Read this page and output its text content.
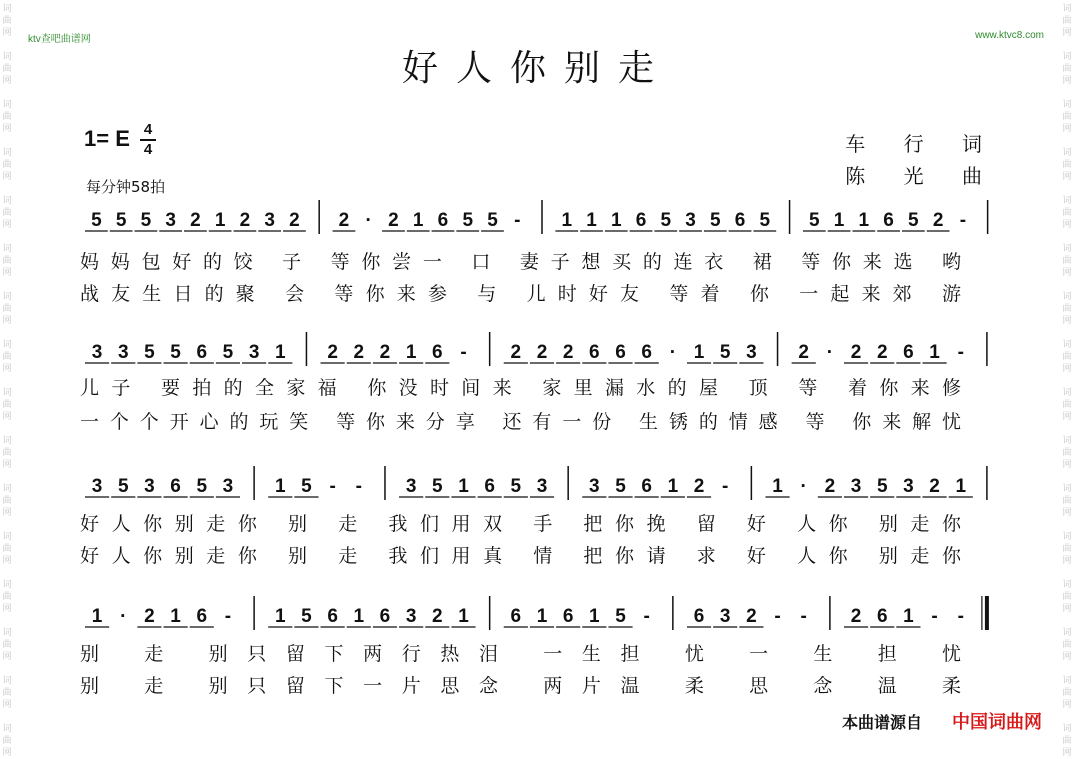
词
曲
网
词
曲
网
词
曲
网
词
曲
网
词
曲
网
词
曲
网
词
曲
网
词
曲
网
词
曲
网
词
曲
网
词
曲
网
词
曲
网
词
曲
网
词
曲
网
词
曲
网
词
曲
网
词
曲
网
词
曲
网
词
曲
网
词
曲
网
词
曲
网
词
曲
网
词
曲
网
词
曲
网
词
曲
网
词
曲
网
词
曲
网
词
曲
网
词
曲
网
词
曲
网
词
曲
网
词
曲
网
ktv查吧曲谱网	www.ktvc8.com
好人你别走
1= E 4
4
每分钟58拍
车 行 词
陈 光 曲
5 5 5 3 2 1 2 3 2 2 · 2 1 6 5 5 - 1 1 1 6 5 3 5 6 5 5 1 1 6 5 2 -
妈妈包好的饺 子 等你尝一 口 妻子想买的连衣 裙 等你来选 哟
战友生日的聚 会 等你来参 与 儿时好友 等着 你 一起来郊 游
3 3 5 5 6 5 3 1 2 2 2 1 6 - 2 2 2 6 6 6 · 1 5 3 2 · 2 2 6 1 -
儿子 要拍的全家福 你没时间来 家里漏水的屋 顶 等 着你来修
一个个开心的玩笑 等你来分享 还有一份 生锈的情感 等 你来解忧
3 5 3 6 5 3 1 5 - - 3 5 1 6 5 3 3 5 6 1 2 - 1 · 2 3 5 3 2 1
好人你别走你 别 走 我们用双 手 把你挽 留 好 人你 别走你
好人你别走你 别 走 我们用真 情 把你请 求 好 人你 别走你
1 · 2 1 6 - 1 5 6 1 6 3 2 1 6 1 6 1 5 - 6 3 2 - - 2 6 1 - -
别 走 别只留下两行热泪 一生担 忧 一 生 担 忧
别 走 别只留下一片思念 两片温 柔 思 念 温 柔
本曲谱源自 中国词曲网
